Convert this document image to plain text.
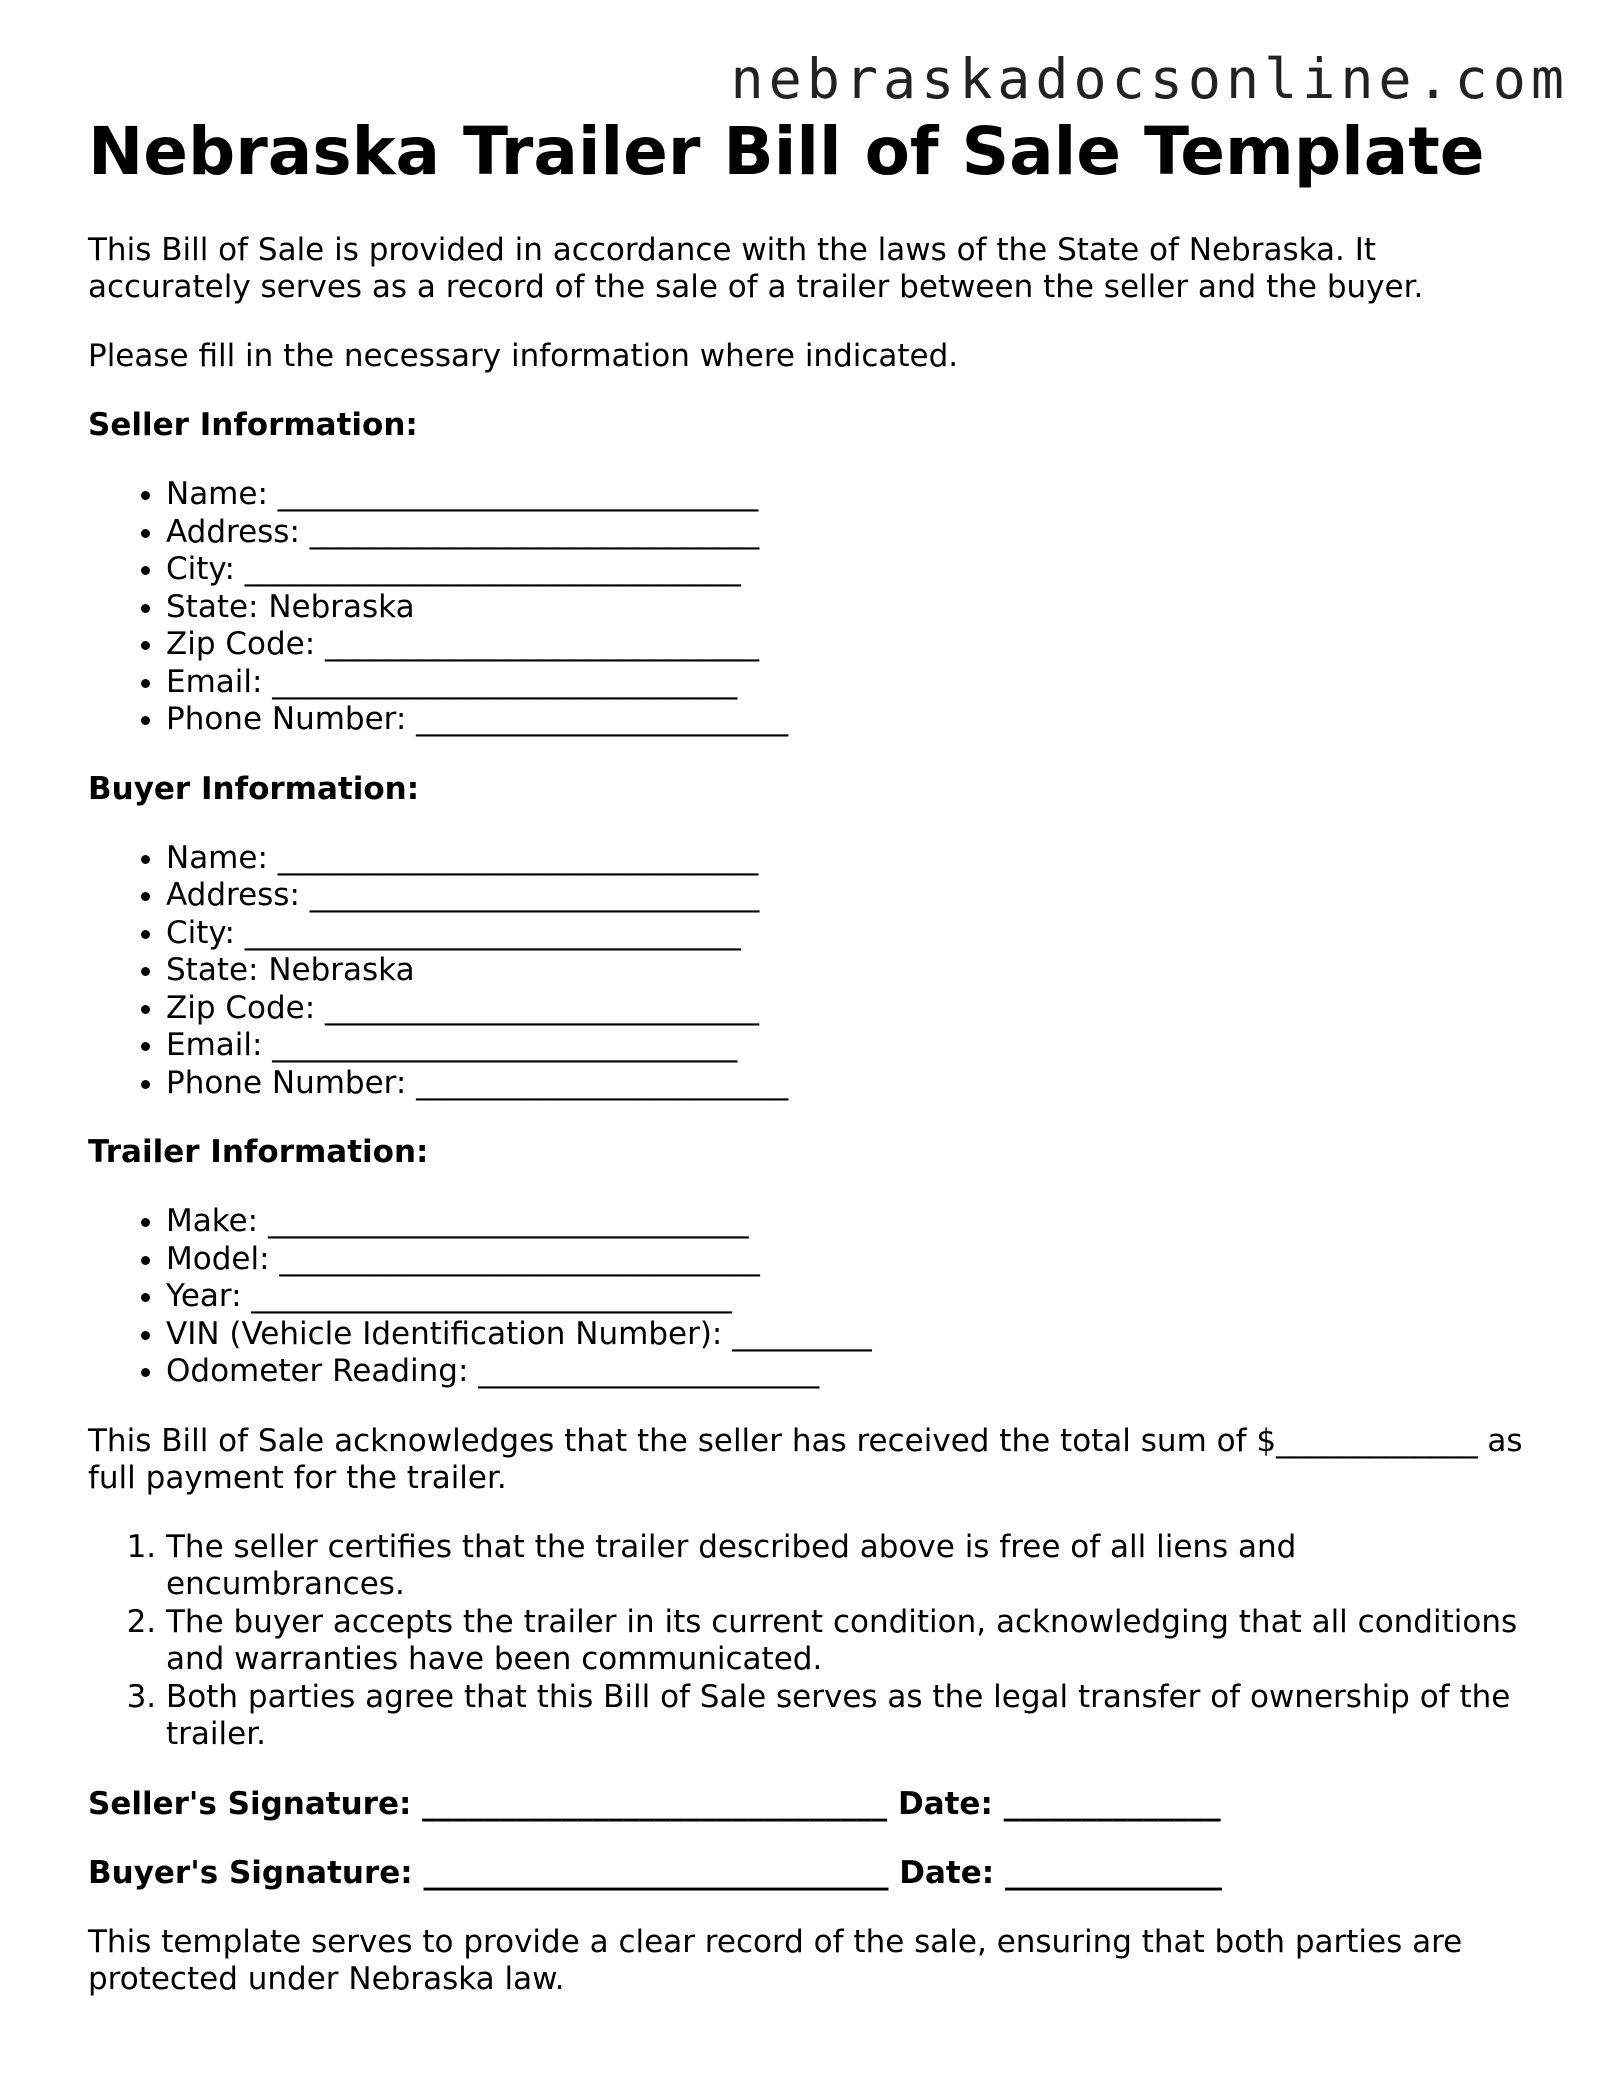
nebraskadocsonline.com
Nebraska Trailer Bill of Sale Template

This Bill of Sale is provided in accordance with the laws of the State of Nebraska. It accurately serves as a record of the sale of a trailer between the seller and the buyer.

Please fill in the necessary information where indicated.

Seller Information:

• Name: _______________________________
• Address: _____________________________
• City: ________________________________
• State: Nebraska
• Zip Code: ____________________________
• Email: ______________________________
• Phone Number: ________________________

Buyer Information:

• Name: _______________________________
• Address: _____________________________
• City: ________________________________
• State: Nebraska
• Zip Code: ____________________________
• Email: ______________________________
• Phone Number: ________________________

Trailer Information:

• Make: _______________________________
• Model: _______________________________
• Year: _______________________________
• VIN (Vehicle Identification Number): _________
• Odometer Reading: ______________________

This Bill of Sale acknowledges that the seller has received the total sum of $_____________ as full payment for the trailer.

1. The seller certifies that the trailer described above is free of all liens and encumbrances.
2. The buyer accepts the trailer in its current condition, acknowledging that all conditions and warranties have been communicated.
3. Both parties agree that this Bill of Sale serves as the legal transfer of ownership of the trailer.

Seller's Signature: ______________________________ Date: ______________

Buyer's Signature: ______________________________ Date: ______________

This template serves to provide a clear record of the sale, ensuring that both parties are protected under Nebraska law.
